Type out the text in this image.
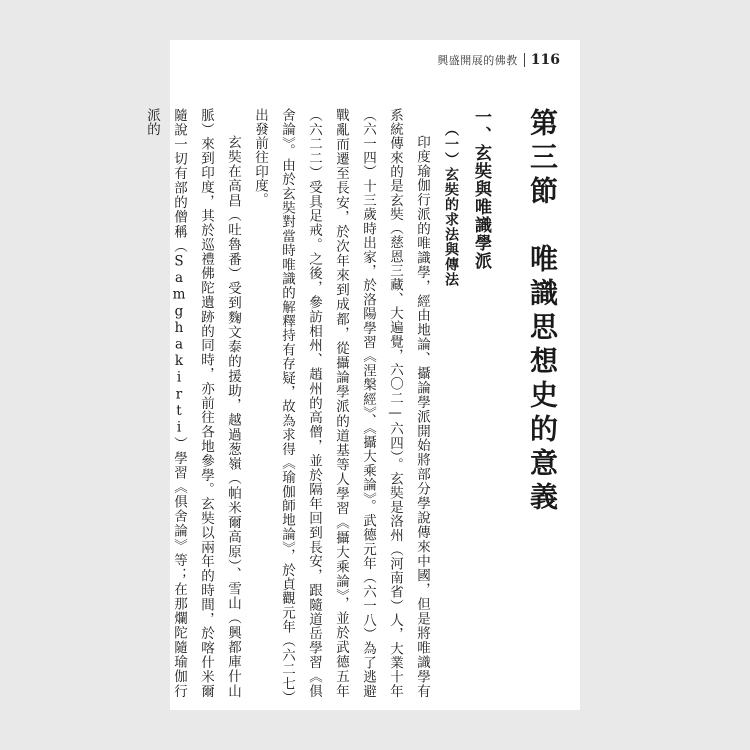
興盛開展的佛教 116
第三節　唯識思想史的意義
一、玄奘與唯識學派
（一）玄奘的求法與傳法

印度瑜伽行派的唯識學，經由地論、攝論學派開始將部分學說傳來中國，但是將唯識學有系統傳來的是玄奘（慈恩三藏、大遍覺，六〇二—六四）。玄奘是洛州（河南省）人，大業十年（六一四）十三歲時出家，於洛陽學習《涅槃經》、《攝大乘論》。武德元年（六一八）為了逃避戰亂而遷至長安，於次年來到成都，從攝論學派的道基等人學習《攝大乘論》，並於武德五年（六二二）受具足戒。之後，參訪相州、趙州的高僧，並於隔年回到長安，跟隨道岳學習《俱舍論》。由於玄奘對當時唯識的解釋持有存疑，故為求得《瑜伽師地論》，於貞觀元年（六二七）出發前往印度。

玄奘在高昌（吐魯番）受到麴文泰的援助，越過葱嶺（帕米爾高原）、雪山（興都庫什山脈）來到印度，其於巡禮佛陀遺跡的同時，亦前往各地參學。玄奘以兩年的時間，於喀什米爾隨說一切有部的僧稱（Samghakirti）學習《俱舍論》等；在那爛陀隨瑜伽行派的
